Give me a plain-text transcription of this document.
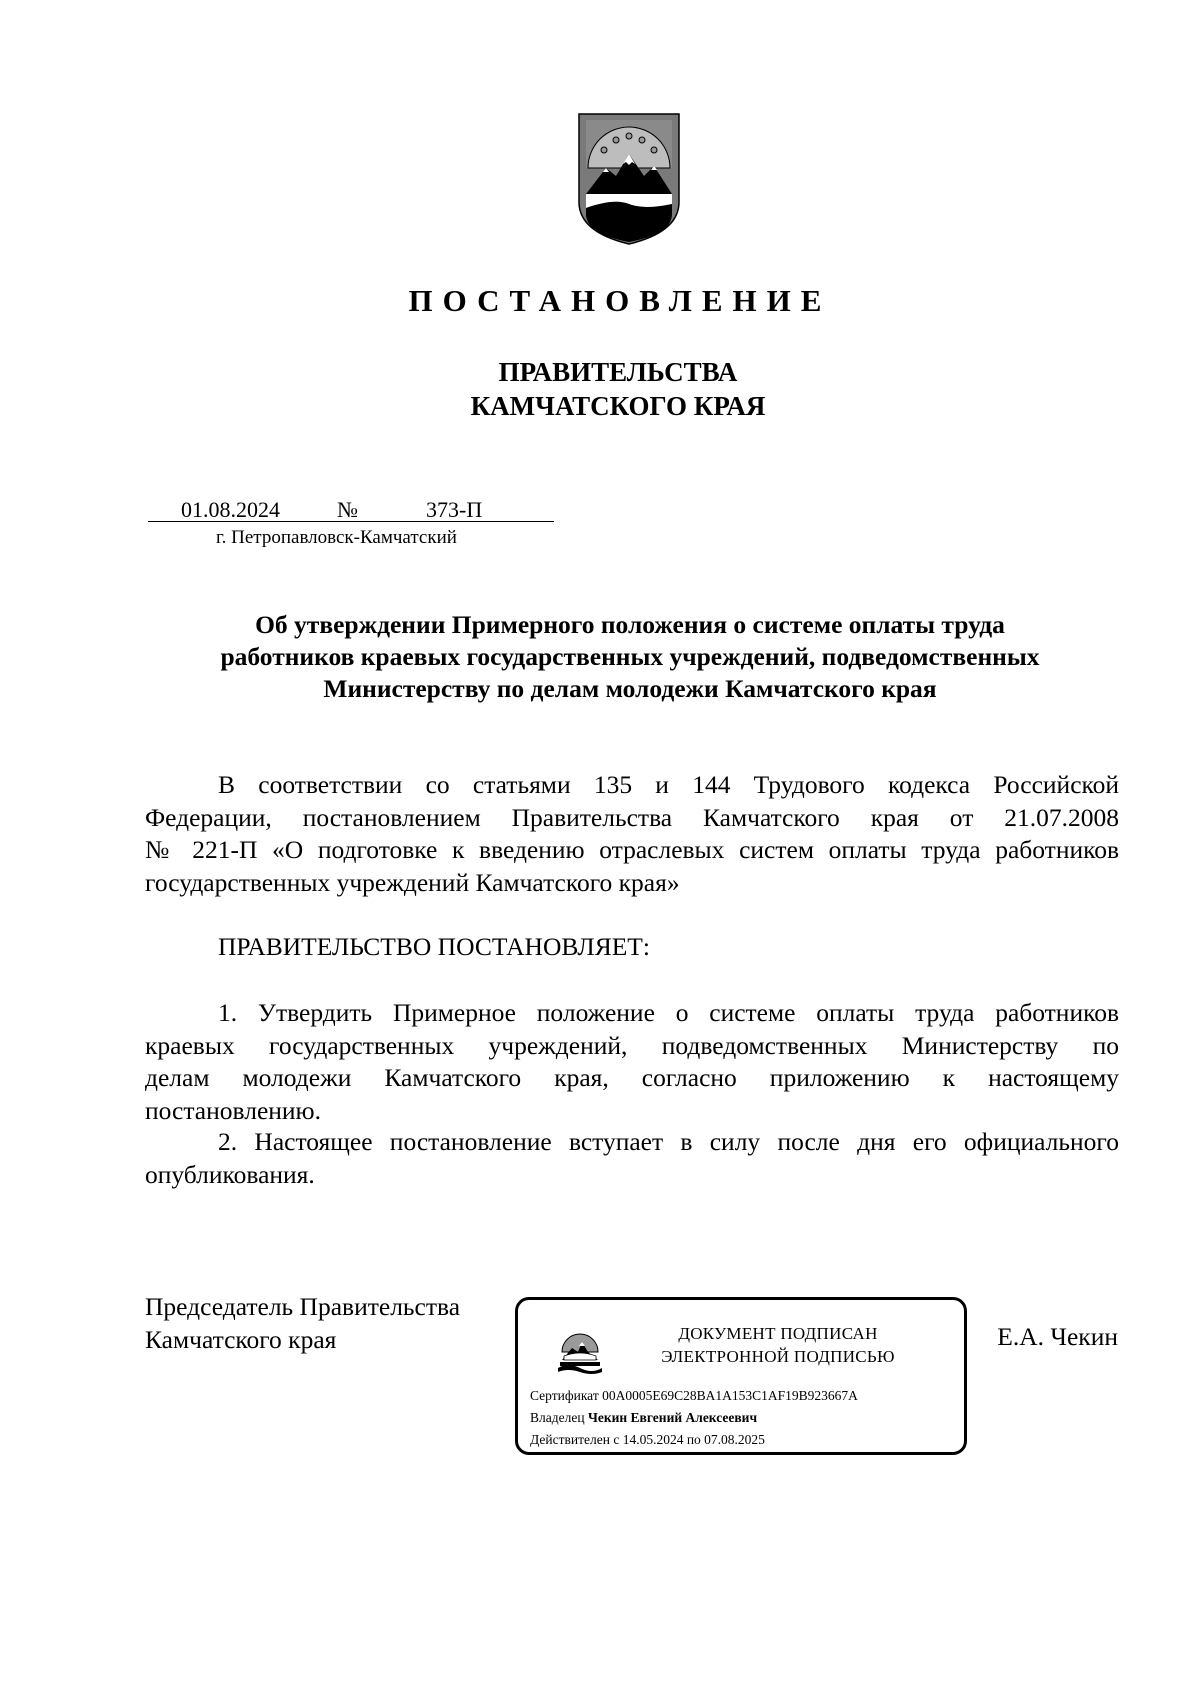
ПОСТАНОВЛЕНИЕ
ПРАВИТЕЛЬСТВА
КАМЧАТСКОГО КРАЯ
01.08.2024	№	373-П
г. Петропавловск-Камчатский
Об утверждении Примерного положения о системе оплаты труда
работников краевых государственных учреждений, подведомственных
Министерству по делам молодежи Камчатского края
В соответствии со статьями 135 и 144 Трудового кодекса Российской
Федерации, постановлением Правительства Камчатского края от 21.07.2008
№ 221-П «О подготовке к введению отраслевых систем оплаты труда работников
государственных учреждений Камчатского края»
ПРАВИТЕЛЬСТВО ПОСТАНОВЛЯЕТ:
1. Утвердить Примерное положение о системе оплаты труда работников
краевых государственных учреждений, подведомственных Министерству по
делам молодежи Камчатского края, согласно приложению к настоящему
постановлению.
2. Настоящее постановление вступает в силу после дня его официального
опубликования.
Председатель Правительства
Камчатского края	ДОКУМЕНТ ПОДПИСАН
ЭЛЕКТРОННОЙ ПОДПИСЬЮ
Сертификат 00A0005E69C28BA1A153C1AF19B923667A
Владелец Чекин Евгений Алексеевич
Действителен с 14.05.2024 по 07.08.2025
Е.А. Чекин
